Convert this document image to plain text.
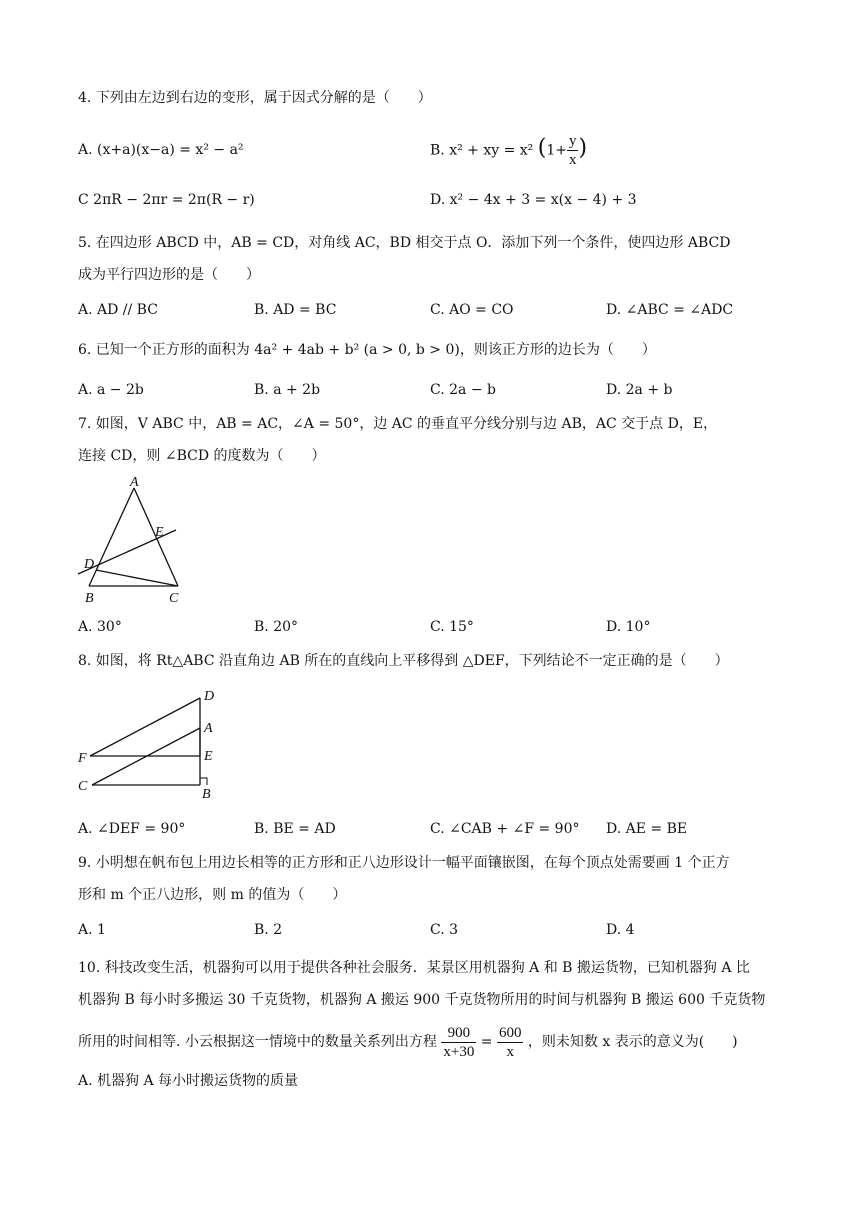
4. 下列由左边到右边的变形，属于因式分解的是（　　）
A. (x+a)(x−a) = x² − a²	B. x² + xy = x² ($1+ \frac{y}{x}$ )
C 2πR − 2πr = 2π(R − r)	D. x² − 4x + 3 = x(x − 4) + 3
5. 在四边形 ABCD 中，AB = CD，对角线 AC，BD 相交于点 O．添加下列一个条件，使四边形 ABCD
成为平行四边形的是（　　）
A. AD // BC	B. AD = BC	C. AO = CO	D. ∠ABC = ∠ADC
6. 已知一个正方形的面积为 4a² + 4ab + b² (a > 0, b > 0)，则该正方形的边长为（　　）
A. a − 2b	B. a + 2b	C. 2a − b	D. 2a + b
7. 如图，V ABC 中，AB = AC，∠A = 50°，边 AC 的垂直平分线分别与边 AB，AC 交于点 D，E，
连接 CD，则 ∠BCD 的度数为（　　）
A
E
D
B	C
A. 30°	B. 20°	C. 15°	D. 10°
8. 如图，将 Rt△ABC 沿直角边 AB 所在的直线向上平移得到 △DEF，下列结论不一定正确的是（　　）
D
A
F	E
C
B
A. ∠DEF = 90°	B. BE = AD	C. ∠CAB + ∠F = 90° D. AE = BE
9. 小明想在帆布包上用边长相等的正方形和正八边形设计一幅平面镶嵌图，在每个顶点处需要画 1 个正方
形和 m 个正八边形，则 m 的值为（　　）
A. 1	B. 2	C. 3	D. 4
10. 科技改变生活，机器狗可以用于提供各种社会服务．某景区用机器狗 A 和 B 搬运货物，已知机器狗 A 比
机器狗 B 每小时多搬运 30 千克货物，机器狗 A 搬运 900 千克货物所用的时间与机器狗 B 搬运 600 千克货物
所用的时间相等. 小云根据这一情境中的数量关系列出方程 $\frac{900}{x+30} = \frac{600}{x}$ ，则未知数 x 表示的意义为(　　)
A. 机器狗 A 每小时搬运货物的质量
